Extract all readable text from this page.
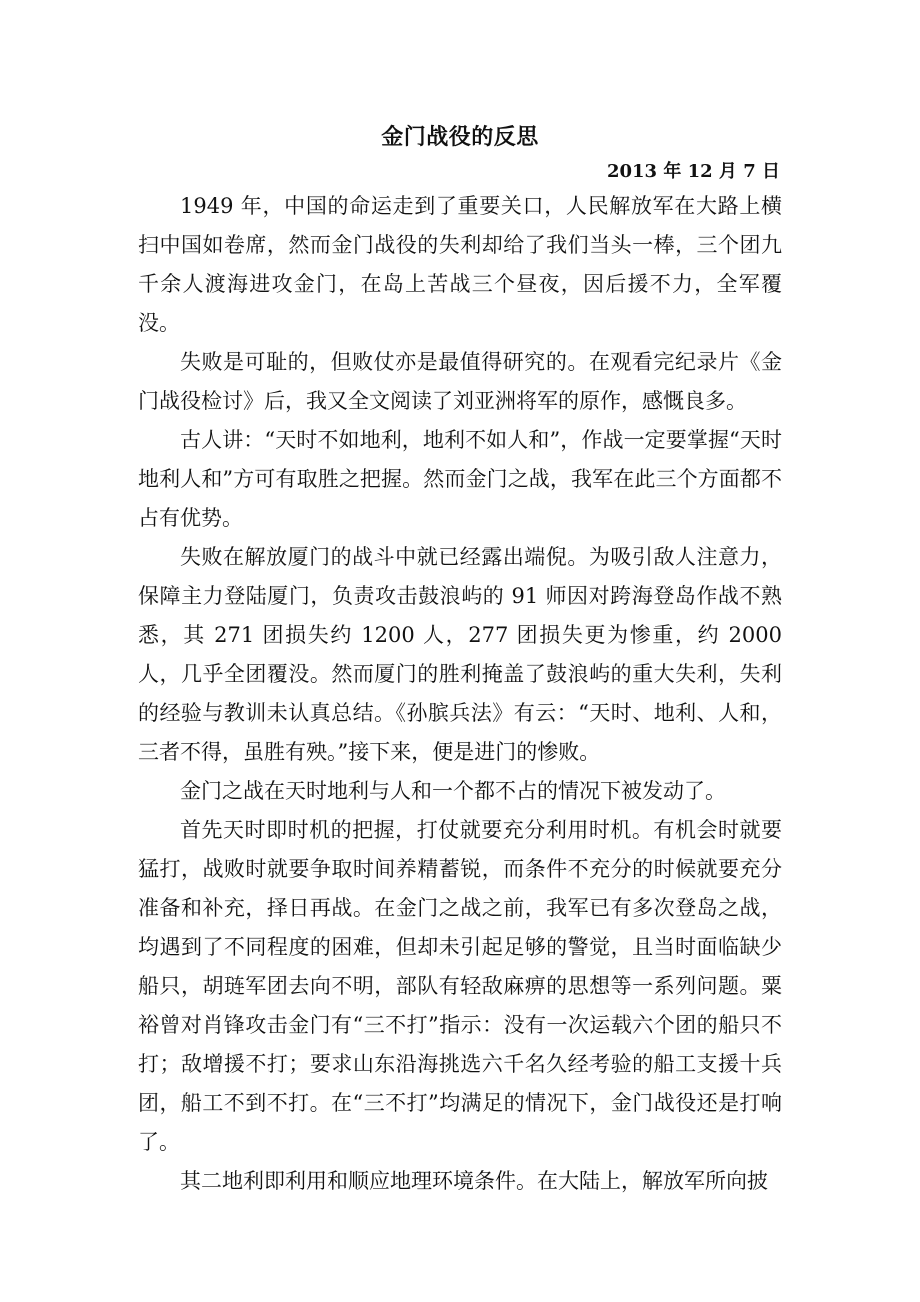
金门战役的反思
2013 年 12 月 7 日

1949 年，中国的命运走到了重要关口，人民解放军在大路上横扫中国如卷席，然而金门战役的失利却给了我们当头一棒，三个团九千余人渡海进攻金门，在岛上苦战三个昼夜，因后援不力，全军覆没。

失败是可耻的，但败仗亦是最值得研究的。在观看完纪录片《金门战役检讨》后，我又全文阅读了刘亚洲将军的原作，感慨良多。

古人讲：“天时不如地利，地利不如人和”，作战一定要掌握“天时地利人和”方可有取胜之把握。然而金门之战，我军在此三个方面都不占有优势。

失败在解放厦门的战斗中就已经露出端倪。为吸引敌人注意力，保障主力登陆厦门，负责攻击鼓浪屿的 91 师因对跨海登岛作战不熟悉，其 271 团损失约 1200 人，277 团损失更为惨重，约 2000 人，几乎全团覆没。然而厦门的胜利掩盖了鼓浪屿的重大失利，失利的经验与教训未认真总结。《孙膑兵法》有云：“天时、地利、人和，三者不得，虽胜有殃。”接下来，便是进门的惨败。

金门之战在天时地利与人和一个都不占的情况下被发动了。

首先天时即时机的把握，打仗就要充分利用时机。有机会时就要猛打，战败时就要争取时间养精蓄锐，而条件不充分的时候就要充分准备和补充，择日再战。在金门之战之前，我军已有多次登岛之战，均遇到了不同程度的困难，但却未引起足够的警觉，且当时面临缺少船只，胡琏军团去向不明，部队有轻敌麻痹的思想等一系列问题。粟裕曾对肖锋攻击金门有“三不打”指示：没有一次运载六个团的船只不打；敌增援不打；要求山东沿海挑选六千名久经考验的船工支援十兵团，船工不到不打。在“三不打”均满足的情况下，金门战役还是打响了。

其二地利即利用和顺应地理环境条件。在大陆上，解放军所向披
